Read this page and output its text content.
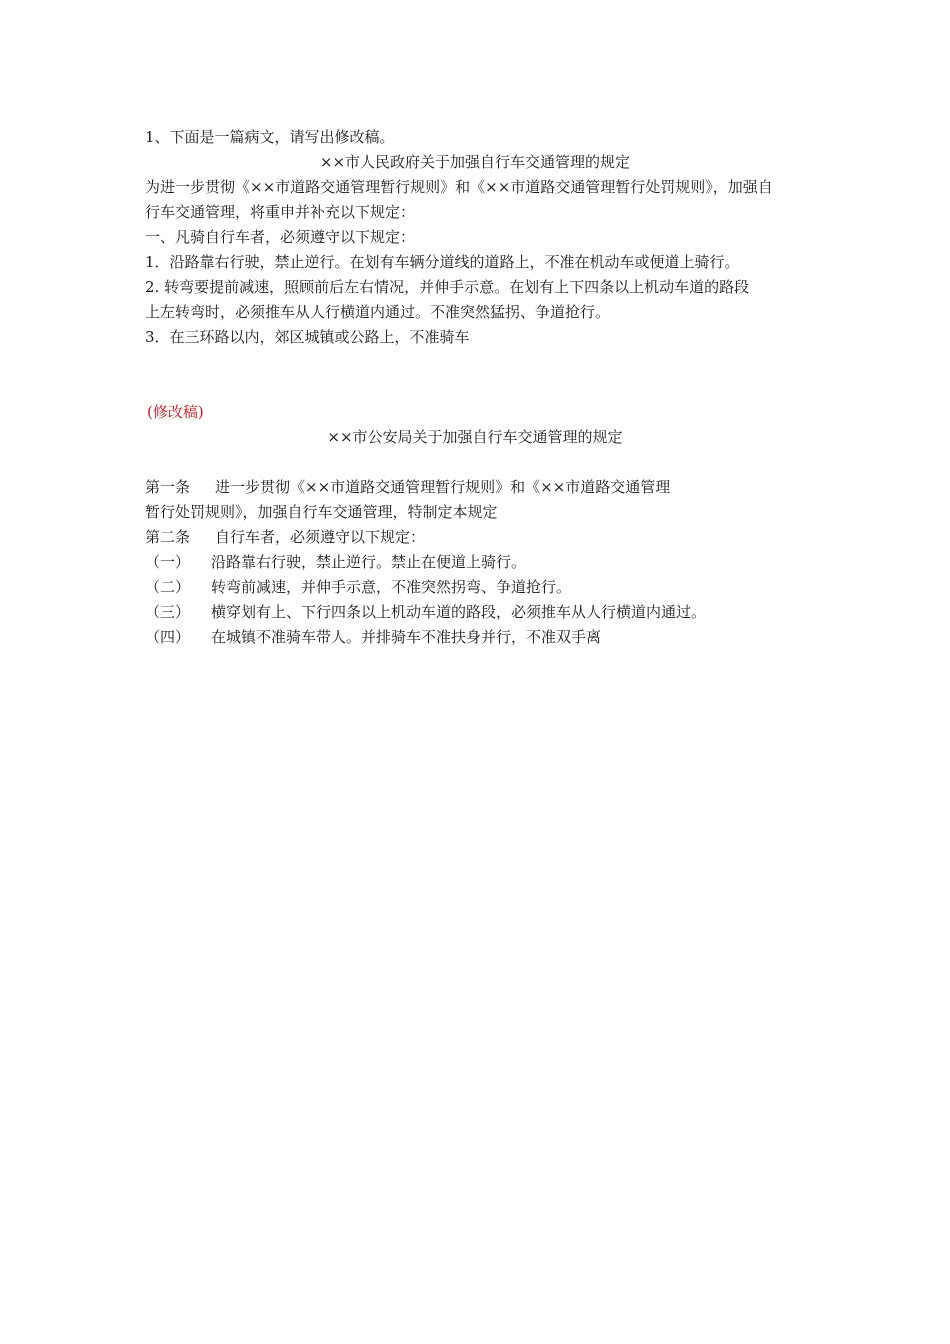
1、下面是一篇病文，请写出修改稿。
××市人民政府关于加强自行车交通管理的规定
为进一步贯彻《××市道路交通管理暂行规则》和《××市道路交通管理暂行处罚规则》，加强自
行车交通管理，将重申并补充以下规定：
一、凡骑自行车者，必须遵守以下规定：
1．沿路靠右行驶，禁止逆行。在划有车辆分道线的道路上，不准在机动车或便道上骑行。
2. 转弯要提前减速，照顾前后左右情况，并伸手示意。在划有上下四条以上机动车道的路段
上左转弯时，必须推车从人行横道内通过。不准突然猛拐、争道抢行。
3．在三环路以内，郊区城镇或公路上，不准骑车
(修改稿)
××市公安局关于加强自行车交通管理的规定
第一条 进一步贯彻《××市道路交通管理暂行规则》和《××市道路交通管理
暂行处罚规则》，加强自行车交通管理，特制定本规定
第二条 自行车者，必须遵守以下规定：
（一） 沿路靠右行驶，禁止逆行。禁止在便道上骑行。
（二） 转弯前减速，并伸手示意，不准突然拐弯、争道抢行。
（三） 横穿划有上、下行四条以上机动车道的路段，必须推车从人行横道内通过。
（四） 在城镇不准骑车带人。并排骑车不准扶身并行，不准双手离
